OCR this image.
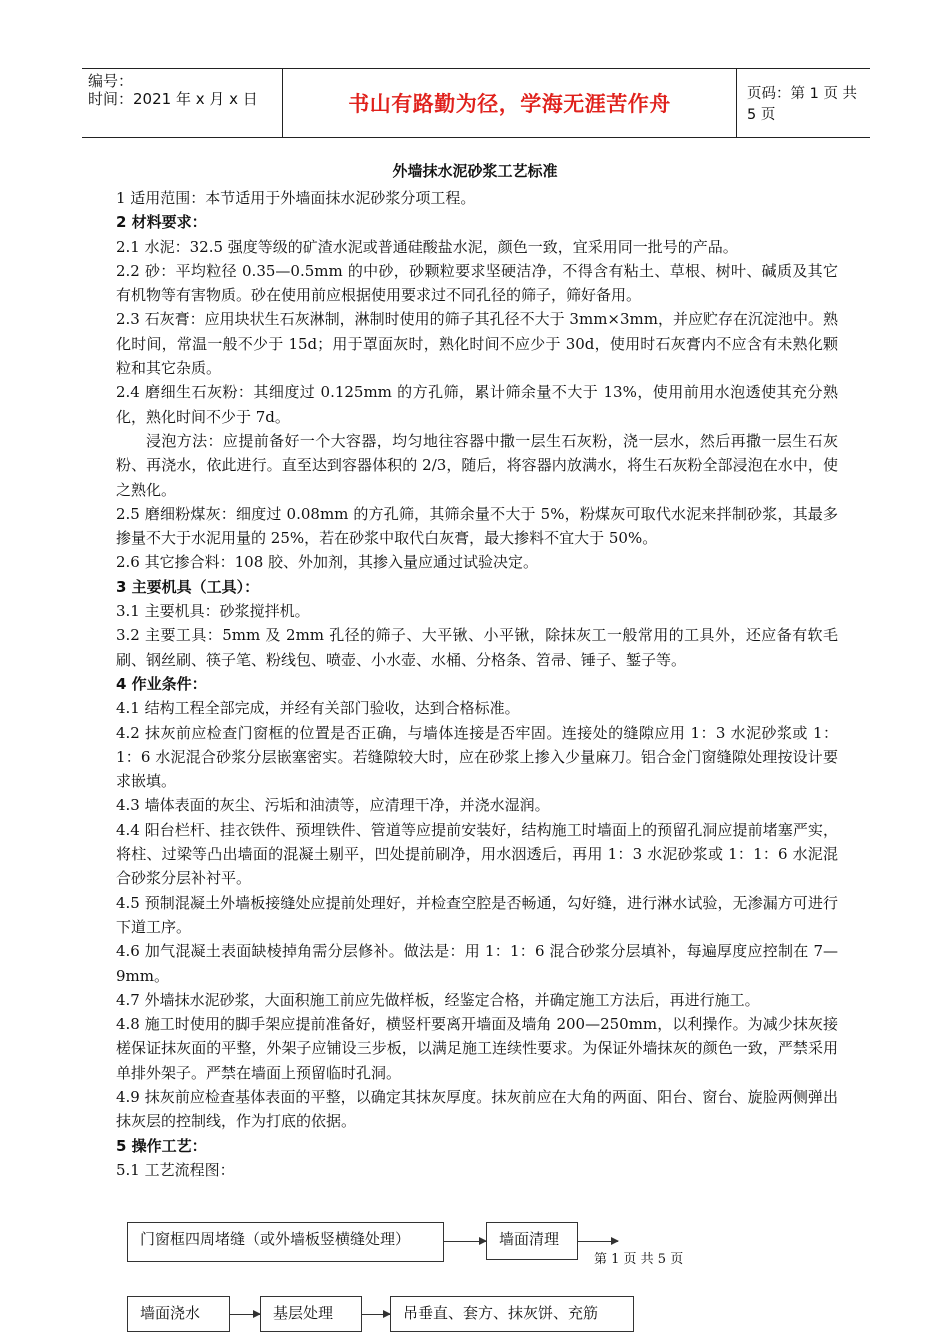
编号：
时间：2021 年 x 月 x 日	书山有路勤为径，学海无涯苦作舟	页码：第 1 页 共 5 页
外墙抹水泥砂浆工艺标准

1 适用范围：本节适用于外墙面抹水泥砂浆分项工程。

2 材料要求：

2.1 水泥：32.5 强度等级的矿渣水泥或普通硅酸盐水泥，颜色一致，宜采用同一批号的产品。

2.2 砂：平均粒径 0.35—0.5mm 的中砂，砂颗粒要求坚硬洁净，不得含有粘土、草根、树叶、碱质及其它有机物等有害物质。砂在使用前应根据使用要求过不同孔径的筛子，筛好备用。

2.3 石灰膏：应用块状生石灰淋制，淋制时使用的筛子其孔径不大于 3mm×3mm，并应贮存在沉淀池中。熟化时间，常温一般不少于 15d；用于罩面灰时，熟化时间不应少于 30d，使用时石灰膏内不应含有未熟化颗粒和其它杂质。

2.4 磨细生石灰粉：其细度过 0.125mm 的方孔筛，累计筛余量不大于 13%，使用前用水泡透使其充分熟化，熟化时间不少于 7d。

浸泡方法：应提前备好一个大容器，均匀地往容器中撒一层生石灰粉，浇一层水，然后再撒一层生石灰粉、再浇水，依此进行。直至达到容器体积的 2/3，随后，将容器内放满水，将生石灰粉全部浸泡在水中，使之熟化。

2.5 磨细粉煤灰：细度过 0.08mm 的方孔筛，其筛余量不大于 5%，粉煤灰可取代水泥来拌制砂浆，其最多掺量不大于水泥用量的 25%，若在砂浆中取代白灰膏，最大掺料不宜大于 50%。

2.6 其它掺合料：108 胶、外加剂，其掺入量应通过试验决定。

3 主要机具（工具）：

3.1 主要机具：砂浆搅拌机。

3.2 主要工具：5mm 及 2mm 孔径的筛子、大平锹、小平锹，除抹灰工一般常用的工具外，还应备有软毛刷、钢丝刷、筷子笔、粉线包、喷壶、小水壶、水桶、分格条、笤帚、锤子、錾子等。

4 作业条件：

4.1 结构工程全部完成，并经有关部门验收，达到合格标准。

4.2 抹灰前应检查门窗框的位置是否正确，与墙体连接是否牢固。连接处的缝隙应用 1：3 水泥砂浆或 1：1：6 水泥混合砂浆分层嵌塞密实。若缝隙较大时，应在砂浆上掺入少量麻刀。铝合金门窗缝隙处理按设计要求嵌填。

4.3 墙体表面的灰尘、污垢和油渍等，应清理干净，并浇水湿润。

4.4 阳台栏杆、挂衣铁件、预埋铁件、管道等应提前安装好，结构施工时墙面上的预留孔洞应提前堵塞严实，将柱、过梁等凸出墙面的混凝土剔平，凹处提前刷净，用水洇透后，再用 1：3 水泥砂浆或 1：1：6 水泥混合砂浆分层补衬平。

4.5 预制混凝土外墙板接缝处应提前处理好，并检查空腔是否畅通，勾好缝，进行淋水试验，无渗漏方可进行下道工序。

4.6 加气混凝土表面缺棱掉角需分层修补。做法是：用 1：1：6 混合砂浆分层填补，每遍厚度应控制在 7—9mm。

4.7 外墙抹水泥砂浆，大面积施工前应先做样板，经鉴定合格，并确定施工方法后，再进行施工。

4.8 施工时使用的脚手架应提前准备好，横竖杆要离开墙面及墙角 200—250mm，以利操作。为减少抹灰接槎保证抹灰面的平整，外架子应铺设三步板，以满足施工连续性要求。为保证外墙抹灰的颜色一致，严禁采用单排外架子。严禁在墙面上预留临时孔洞。

4.9 抹灰前应检查基体表面的平整，以确定其抹灰厚度。抹灰前应在大角的两面、阳台、窗台、旋脸两侧弹出抹灰层的控制线，作为打底的依据。

5 操作工艺：

5.1 工艺流程图：

门窗框四周堵缝（或外墙板竖横缝处理）	墙面清理
第 1 页 共 5 页
墙面浇水	基层处理	吊垂直、套方、抹灰饼、充筋
